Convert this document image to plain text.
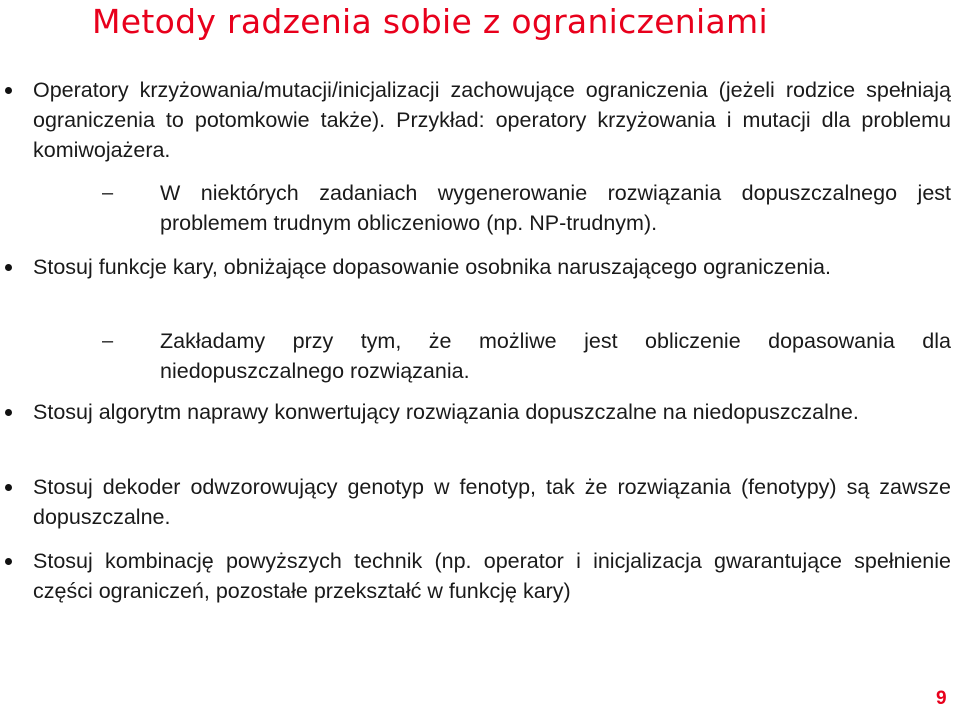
Metody radzenia sobie z ograniczeniami
Operatory krzyżowania/mutacji/inicjalizacji zachowujące ograniczenia (jeżeli rodzice spełniają ograniczenia to potomkowie także). Przykład: operatory krzyżowania i mutacji dla problemu komiwojażera.
– W niektórych zadaniach wygenerowanie rozwiązania dopuszczalnego jest problemem trudnym obliczeniowo (np. NP-trudnym).
Stosuj funkcje kary, obniżające dopasowanie osobnika naruszającego ograniczenia.
– Zakładamy przy tym, że możliwe jest obliczenie dopasowania dla niedopuszczalnego rozwiązania.
Stosuj algorytm naprawy konwertujący rozwiązania dopuszczalne na niedopuszczalne.
Stosuj dekoder odwzorowujący genotyp w fenotyp, tak że rozwiązania (fenotypy) są zawsze dopuszczalne.
Stosuj kombinację powyższych technik (np. operator i inicjalizacja gwarantujące spełnienie części ograniczeń, pozostałe przekształć w funkcję kary)
9
